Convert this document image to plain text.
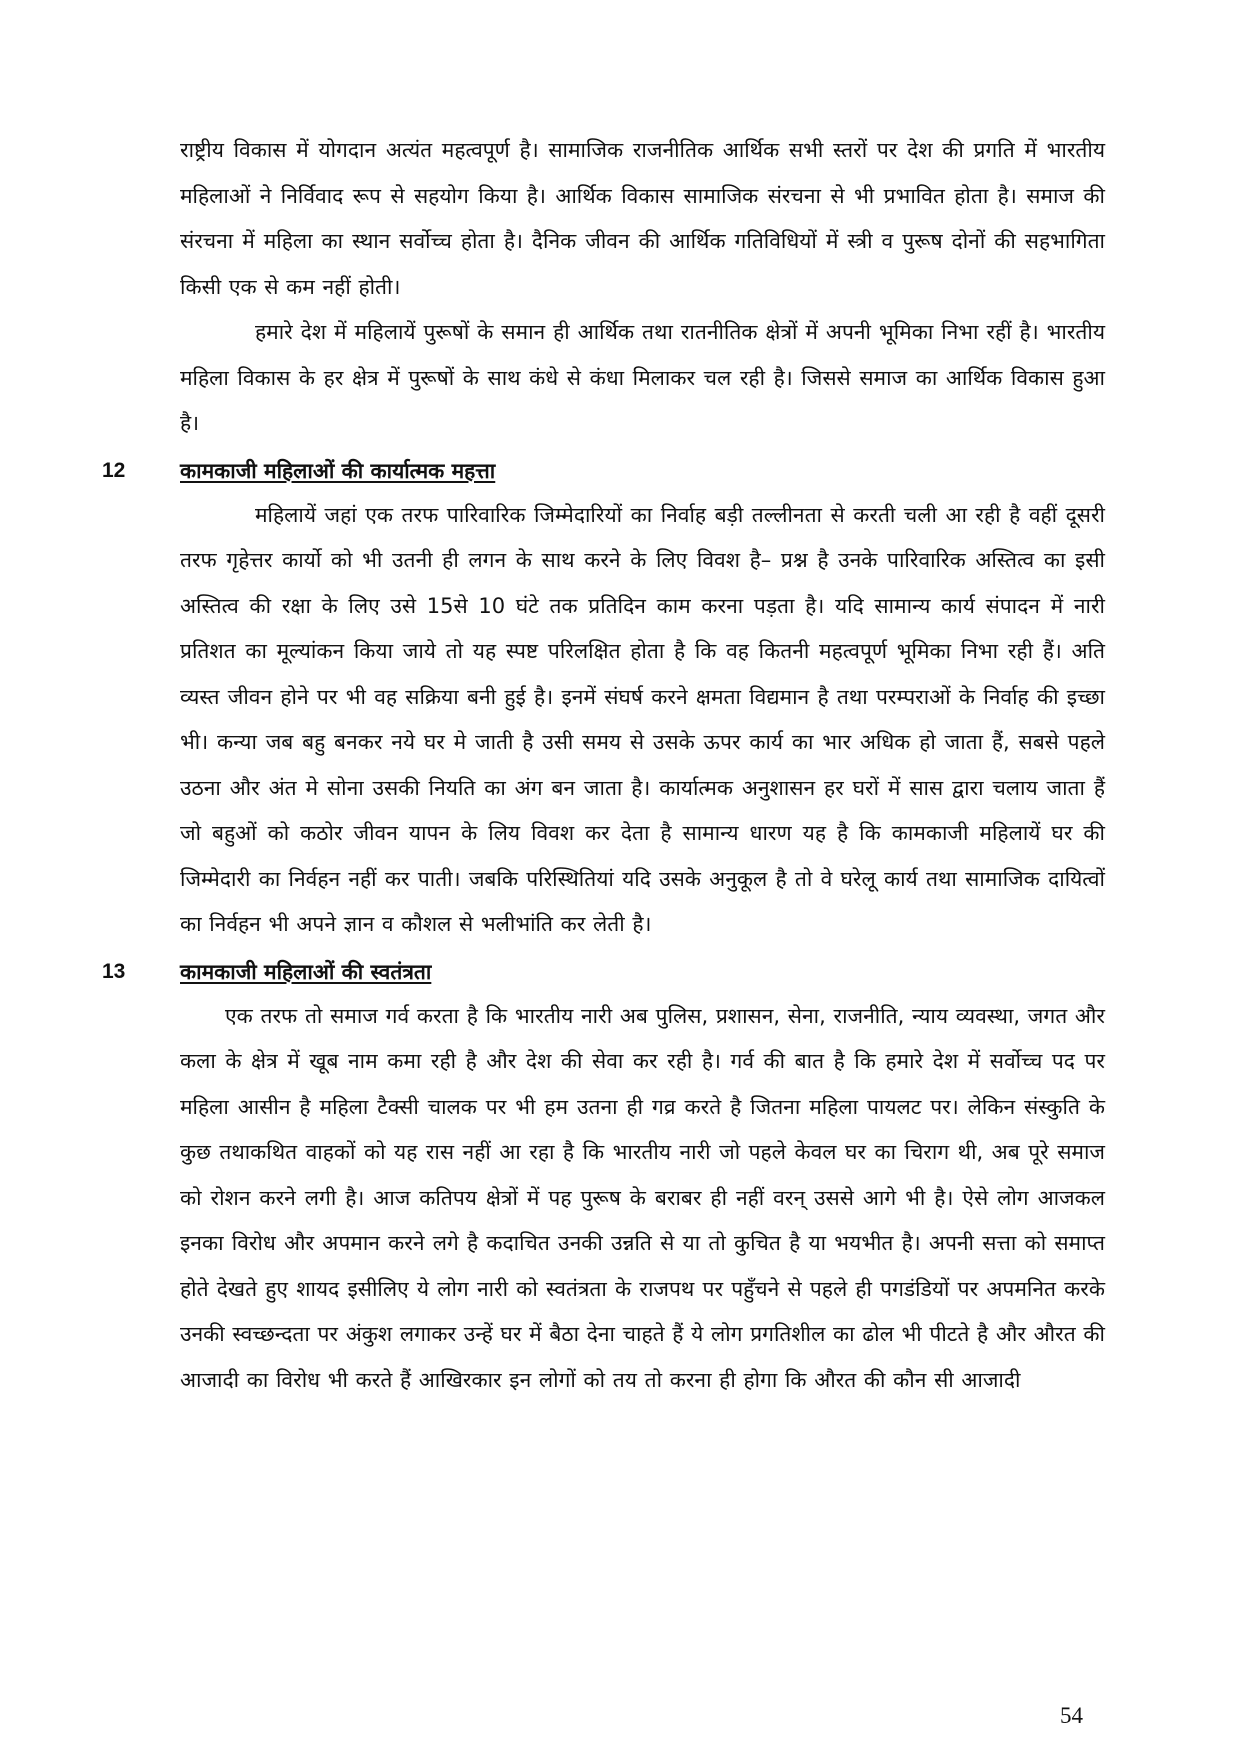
राष्ट्रीय विकास में योगदान अत्यंत महत्वपूर्ण है। सामाजिक राजनीतिक आर्थिक सभी स्तरों पर देश की प्रगति में भारतीय महिलाओं ने निर्विवाद रूप से सहयोग किया है। आर्थिक विकास सामाजिक संरचना से भी प्रभावित होता है। समाज की संरचना में महिला का स्थान सर्वोच्च होता है। दैनिक जीवन की आर्थिक गतिविधियों में स्त्री व पुरूष दोनों की सहभागिता किसी एक से कम नहीं होती।

हमारे देश में महिलायें पुरूषों के समान ही आर्थिक तथा रातनीतिक क्षेत्रों में अपनी भूमिका निभा रहीं है। भारतीय महिला विकास के हर क्षेत्र में पुरूषों के साथ कंधे से कंधा मिलाकर चल रही है। जिससे समाज का आर्थिक विकास हुआ है।

12	कामकाजी महिलाओं की कार्यात्मक महत्ता

महिलायें जहां एक तरफ पारिवारिक जिम्मेदारियों का निर्वाह बड़ी तल्लीनता से करती चली आ रही है वहीं दूसरी तरफ गृहेत्तर कार्यो को भी उतनी ही लगन के साथ करने के लिए विवश है– प्रश्न है उनके पारिवारिक अस्तित्व का इसी अस्तित्व की रक्षा के लिए उसे 15से 10 घंटे तक प्रतिदिन काम करना पड़ता है। यदि सामान्य कार्य संपादन में नारी प्रतिशत का मूल्यांकन किया जाये तो यह स्पष्ट परिलक्षित होता है कि वह कितनी महत्वपूर्ण भूमिका निभा रही हैं। अति व्यस्त जीवन होने पर भी वह सक्रिया बनी हुई है। इनमें संघर्ष करने क्षमता विद्यमान है तथा परम्पराओं के निर्वाह की इच्छा भी। कन्या जब बहु बनकर नये घर मे जाती है उसी समय से उसके ऊपर कार्य का भार अधिक हो जाता हैं, सबसे पहले उठना और अंत मे सोना उसकी नियति का अंग बन जाता है। कार्यात्मक अनुशासन हर घरों में सास द्वारा चलाय जाता हैं जो बहुओं को कठोर जीवन यापन के लिय विवश कर देता है सामान्य धारण यह है कि कामकाजी महिलायें घर की जिम्मेदारी का निर्वहन नहीं कर पाती। जबकि परिस्थितियां यदि उसके अनुकूल है तो वे घरेलू कार्य तथा सामाजिक दायित्वों का निर्वहन भी अपने ज्ञान व कौशल से भलीभांति कर लेती है।

13	कामकाजी महिलाओं की स्वतंत्रता

एक तरफ तो समाज गर्व करता है कि भारतीय नारी अब पुलिस, प्रशासन, सेना, राजनीति, न्याय व्यवस्था, जगत और कला के क्षेत्र में खूब नाम कमा रही है और देश की सेवा कर रही है। गर्व की बात है कि हमारे देश में सर्वोच्च पद पर महिला आसीन है महिला टैक्सी चालक पर भी हम उतना ही गव्र करते है जितना महिला पायलट पर। लेकिन संस्कुति के कुछ तथाकथित वाहकों को यह रास नहीं आ रहा है कि भारतीय नारी जो पहले केवल घर का चिराग थी, अब पूरे समाज को रोशन करने लगी है। आज कतिपय क्षेत्रों में पह पुरूष के बराबर ही नहीं वरन् उससे आगे भी है। ऐसे लोग आजकल इनका विरोध और अपमान करने लगे है कदाचित उनकी उन्नति से या तो कुचित है या भयभीत है। अपनी सत्ता को समाप्त होते देखते हुए शायद इसीलिए ये लोग नारी को स्वतंत्रता के राजपथ पर पहुँचने से पहले ही पगडंडियों पर अपमनित करके उनकी स्वच्छन्दता पर अंकुश लगाकर उन्हें घर में बैठा देना चाहते हैं ये लोग प्रगतिशील का ढोल भी पीटते है और औरत की आजादी का विरोध भी करते हैं आखिरकार इन लोगों को तय तो करना ही होगा कि औरत की कौन सी आजादी

54
